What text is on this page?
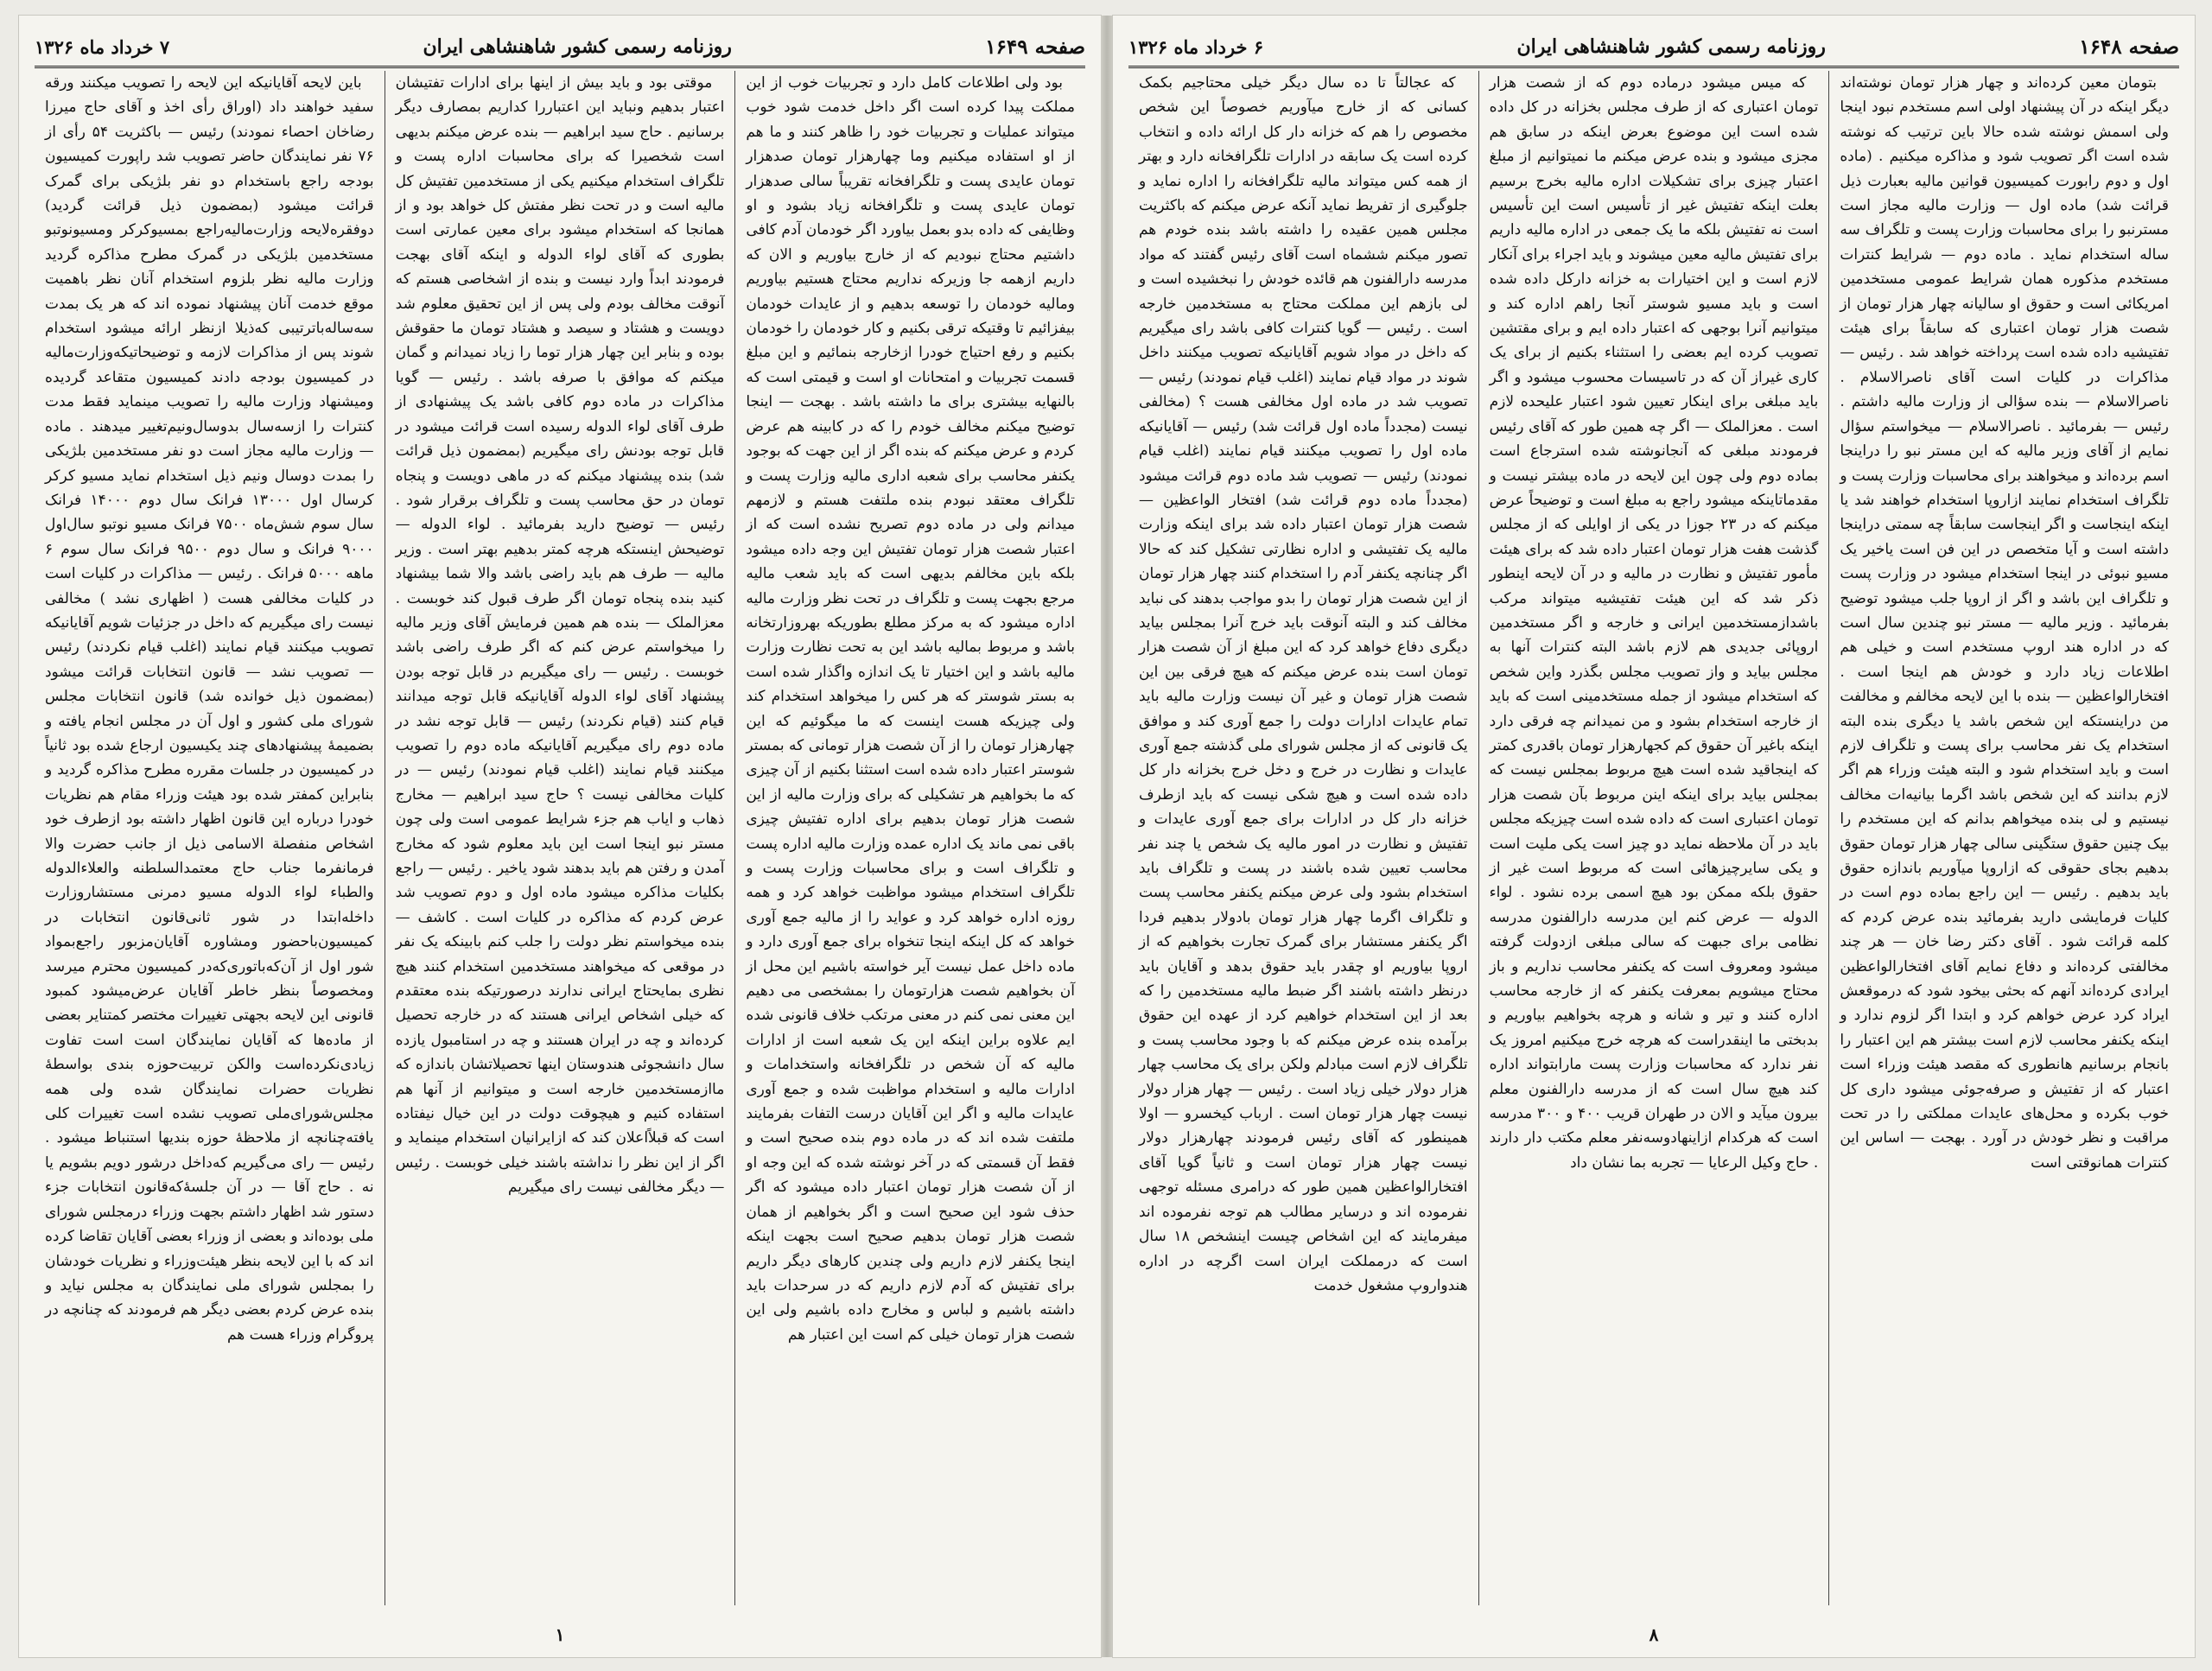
صفحه ۱۶۴۹
روزنامه رسمی کشور شاهنشاهی ایران
۷ خرداد ماه ۱۳۲۶

بود ولی اطلاعات کامل دارد و تجربیات خوب از این مملکت پیدا کرده است اگر داخل خدمت شود خوب میتواند عملیات و تجربیات خود را ظاهر کنند و ما هم از او استفاده میکنیم وما چهارهزار تومان صدهزار تومان عایدی پست و تلگرافخانه تقریباً سالی صدهزار تومان عایدی پست و تلگرافخانه زیاد بشود و او وظایفی که داده بدو بعمل بیاورد اگر خودمان آدم کافی داشتیم محتاج نبودیم که از خارج بیاوریم و الان که داریم ازهمه جا وزیرکه نداریم محتاج هستیم بیاوریم ومالیه خودمان را توسعه بدهیم و از عایدات خودمان بیفزائیم تا وقتیکه ترقی بکنیم و کار خودمان را خودمان بکنیم و رفع احتیاج خودرا ازخارجه بنمائیم و این مبلغ قسمت تجربیات و امتحانات او است و قیمتی است که بالنهایه بیشتری برای ما داشته باشد . بهجت — اینجا توضیح میکنم مخالف خودم را که در کابینه هم عرض کردم و عرض میکنم که بنده اگر از این جهت که بوجود یکنفر محاسب برای شعبه اداری مالیه وزارت پست و تلگراف معتقد نبودم بنده ملتفت هستم و لازمهم میدانم ولی در ماده دوم تصریح نشده است که از اعتبار شصت هزار تومان تفتیش این وجه داده میشود بلکه باین مخالفم بدیهی است که باید شعب مالیه مرجع بجهت پست و تلگراف در تحت نظر وزارت مالیه اداره میشود که به مرکز مطلع بطوریکه بهروزارتخانه باشد و مربوط بمالیه باشد این به تحت نظارت وزارت مالیه باشد و این اختیار تا یک اندازه واگذار شده است به بستر شوستر که هر کس را میخواهد استخدام کند ولی چیزیکه هست اینست که ما میگوئیم که این چهارهزار تومان را از آن شصت هزار تومانی که بمستر شوستر اعتبار داده شده است استثنا بکنیم از آن چیزی که ما بخواهیم هر تشکیلی که برای وزارت مالیه از این شصت هزار تومان بدهیم برای اداره تفتیش چیزی باقی نمی ماند یک اداره عمده وزارت مالیه اداره پست و تلگراف است و برای محاسبات وزارت پست و تلگراف استخدام میشود مواظبت خواهد کرد و همه روزه اداره خواهد کرد و عواید را از مالیه جمع آوری خواهد که کل اینکه اینجا تنخواه برای جمع آوری دارد و ماده داخل عمل نیست آیر خواسته باشیم این محل از آن بخواهیم شصت هزارتومان را بمشخصی می دهیم این معنی نمی کنم در معنی مرتکب خلاف قانونی شده ایم علاوه براین اینکه این یک شعبه است از ادارات مالیه که آن شخص در تلگرافخانه واستخدامات و ادارات مالیه و استخدام مواظبت شده و جمع آوری عایدات مالیه و اگر این آقایان درست التفات بفرمایند ملتفت شده اند که در ماده دوم بنده صحیح است و فقط آن قسمتی که در آخر نوشته شده که این وجه او از آن شصت هزار تومان اعتبار داده میشود که اگر حذف شود این صحیح است و اگر بخواهیم از همان شصت هزار تومان بدهیم صحیح است بجهت اینکه اینجا یکنفر لازم داریم ولی چندین کارهای دیگر داریم برای تفتیش که آدم لازم داریم که در سرحدات باید داشته باشیم و لباس و مخارج داده باشیم ولی این شصت هزار تومان خیلی کم است این اعتبار هم

موقتی بود و باید بیش از اینها برای ادارات تفتیشان اعتبار بدهیم ونباید این اعتباررا کداریم بمصارف دیگر برسانیم . حاج سید ابراهیم — بنده عرض میکنم بدیهی است شخصیرا که برای محاسبات اداره پست و تلگراف استخدام میکنیم یکی از مستخدمین تفتیش کل مالیه است و در تحت نظر مفتش کل خواهد بود و از همانجا که استخدام میشود برای معین عمارتی است بطوری که آقای لواء الدوله و اینکه آقای بهجت فرمودند ابداً وارد نیست و بنده از اشخاصی هستم که آنوقت مخالف بودم ولی پس از این تحقیق معلوم شد دویست و هشتاد و سیصد و هشتاد تومان ما حقوقش بوده و بنابر این چهار هزار توما را زیاد نمیدانم و گمان میکنم که موافق با صرفه باشد . رئیس — گویا مذاکرات در ماده دوم کافی باشد یک پیشنهادی از طرف آقای لواء الدوله رسیده است قرائت میشود در قابل توجه بودنش رای میگیریم (بمضمون ذیل قرائت شد) بنده پیشنهاد میکنم که در ماهی دویست و پنجاه تومان در حق محاسب پست و تلگراف برقرار شود . رئیس — توضیح دارید بفرمائید . لواء الدوله — توضیحش اینستکه هرچه کمتر بدهیم بهتر است . وزیر مالیه — طرف هم باید راضی باشد والا شما بیشنهاد کنید بنده پنجاه تومان اگر طرف قبول کند خوبست . معزالملک — بنده هم همین فرمایش آقای وزیر مالیه را میخواستم عرض کنم که اگر طرف راضی باشد خوبست . رئیس — رای میگیریم در قابل توجه بودن پیشنهاد آقای لواء الدوله آقایانیکه قابل توجه میدانند قیام کنند (قیام نکردند) رئیس — قابل توجه نشد در ماده دوم رای میگیریم آقایانیکه ماده دوم را تصویب میکنند قیام نمایند (اغلب قیام نمودند) رئیس — در کلیات مخالفی نیست ؟ حاج سید ابراهیم — مخارج ذهاب و ایاب هم جزء شرایط عمومی است ولی چون مستر نبو اینجا است این باید معلوم شود که مخارج آمدن و رفتن هم باید بدهند شود یاخیر . رئیس — راجع بکلیات مذاکره میشود ماده اول و دوم تصویب شد عرض کردم که مذاکره در کلیات است . کاشف — بنده میخواستم نظر دولت را جلب کنم بابینکه یک نفر در موقعی که میخواهند مستخدمین استخدام کنند هیچ نظری بمایحتاج ایرانی ندارند درصورتیکه بنده معتقدم که خیلی اشخاص ایرانی هستند که در خارجه تحصیل کرده‌اند و چه در ایران هستند و چه در استامبول یازده سال دانشجوئی هندوستان اینها تحصیلاتشان باندازه که ماازمستخدمین خارجه است و میتوانیم از آنها هم استفاده کنیم و هیچوقت دولت در این خیال نیفتاده است که قبلاًاعلان کند که ازایرانیان استخدام مینماید و اگر از این نظر را نداشته باشند خیلی خوبست . رئیس — دیگر مخالفی نیست رای میگیریم

باین لایحه آقایانیکه این لایحه را تصویب میکنند ورقه سفید خواهند داد (اوراق رأی اخذ و آقای حاج میرزا رضاخان احصاء نمودند) رئیس — باکثریت ۵۴ رأی از ۷۶ نفر نمایندگان حاضر تصویب شد راپورت کمیسیون بودجه راجع باستخدام دو نفر بلژیکی برای گمرک قرائت میشود (بمضمون ذیل قرائت گردید) دوفقره‌لایحه وزارت‌مالیه‌راجع بمسیوکرکر ومسیونوتبو مستخدمین بلژیکی در گمرک مطرح مذاکره گردید وزارت مالیه نظر بلزوم استخدام آنان نظر باهمیت موقع خدمت آنان پیشنهاد نموده اند که هر یک بمدت سه‌ساله‌باترتیبی که‌ذیلا ازنظر ارائه میشود استخدام شوند پس از مذاکرات لازمه و توضیحاتیکه‌وزارت‌مالیه در کمیسیون بودجه دادند کمیسیون متقاعد گردیده ومیشنهاد وزارت مالیه را تصویب مینماید فقط مدت کنترات را ازسه‌سال بدوسال‌ونیم‌تغییر میدهند . ماده — وزارت مالیه مجاز است دو نفر مستخدمین بلژیکی را بمدت دوسال ونیم ذیل استخدام نماید مسیو کرکر کرسال اول ۱۳۰۰۰ فرانک سال دوم ۱۴۰۰۰ فرانک سال سوم شش‌ماه ۷۵۰۰ فرانک مسیو نوتبو سال‌اول ۹۰۰۰ فرانک و سال دوم ۹۵۰۰ فرانک سال سوم ۶ ماهه ۵۰۰۰ فرانک . رئیس — مذاکرات در کلیات است در کلیات مخالفی هست ( اظهاری نشد ) مخالفی نیست رای میگیریم که داخل در جزئیات شویم آقایانیکه تصویب میکنند قیام نمایند (اغلب قیام نکردند) رئیس — تصویب نشد — قانون انتخابات قرائت میشود (بمضمون ذیل خوانده شد) قانون انتخابات مجلس شورای ملی کشور و اول آن در مجلس انجام یافته و بضمیمهٔ پیشنهادهای چند یکیسیون ارجاع شده بود ثانیاً در کمیسیون در جلسات مقرره مطرح مذاکره گردید و بنابراین کمفتر شده بود هیئت وزراء مقام هم نظریات خودرا درباره این قانون اظهار داشته بود ازطرف خود اشخاص منفصلة الاسامی ذیل از جانب حضرت والا فرمانفرما جناب حاج معتمدالسلطنه والعلاءالدوله والطباء لواء الدوله مسیو دمرنی مستشاروزارت داخله‌ابتدا در شور ثانی‌قانون انتخابات در کمیسیون‌باحضور ومشاوره آقایان‌مزبور راجع‌بمواد شور اول از آن‌که‌باتوری‌که‌در کمیسیون محترم میرسد ومخصوصاً بنظر خاطر آقایان عرض‌میشود کمبود قانونی این لایحه بجهتی تغییرات مختصر کمتنایر بعضی از ماده‌ها که آقایان نمایندگان است است تفاوت زیادی‌نکرده‌است والکن تربیت‌حوزه بندی بواسطهٔ نظریات حضرات نمایندگان شده ولی همه مجلس‌شورای‌ملی تصویب نشده است تغییرات کلی یافته‌چنانچه از ملاحظهٔ حوزه بندیها استنباط میشود . رئیس — رای می‌گیریم که‌داخل درشور دویم بشویم یا نه . حاج آقا — در آن جلسهٔ‌که‌قانون انتخابات جزء دستور شد اظهار داشتم بجهت وزراء درمجلس شورای ملی بوده‌اند و بعضی از وزراء بعضی آقایان تقاضا کرده اند که با این لایحه بنظر هیئت‌وزراء و نظریات خودشان را بمجلس شورای ملی نمایندگان به مجلس نیاید و بنده عرض کردم بعضی دیگر هم فرمودند که چنانچه در پروگرام وزراء هست هم

۱
صفحه ۱۶۴۸
روزنامه رسمی کشور شاهنشاهی ایران
۶ خرداد ماه ۱۳۲۶

بتومان معین کرده‌اند و چهار هزار تومان نوشته‌اند دیگر اینکه در آن پیشنهاد اولی اسم مستخدم نبود اینجا ولی اسمش نوشته شده حالا باین ترتیب که نوشته شده است اگر تصویب شود و مذاکره میکنیم . (ماده اول و دوم رابورت کمیسیون قوانین مالیه بعبارت ذیل قرائت شد) ماده اول — وزارت مالیه مجاز است مسترنبو را برای محاسبات وزارت پست و تلگراف سه ساله استخدام نماید . ماده دوم — شرایط کنترات مستخدم مذکوره همان شرایط عمومی مستخدمین امریکائی است و حقوق او سالیانه چهار هزار تومان از شصت هزار تومان اعتباری که سابقاً برای هیئت تفتیشیه داده شده است پرداخته خواهد شد . رئیس — مذاکرات در کلیات است آقای ناصرالاسلام . ناصرالاسلام — بنده سؤالی از وزارت مالیه داشتم . رئیس — بفرمائید . ناصرالاسلام — میخواستم سؤال نمایم از آقای وزیر مالیه که این مستر نبو را دراینجا اسم برده‌اند و میخواهند برای محاسبات وزارت پست و تلگراف استخدام نمایند ازاروپا استخدام خواهند شد یا اینکه اینجاست و اگر اینجاست سابقاً چه سمتی دراینجا داشته است و آیا متخصص در این فن است یاخیر یک مسیو نبوئی در اینجا استخدام میشود در وزارت پست و تلگراف این باشد و اگر از اروپا جلب میشود توضیح بفرمائید . وزیر مالیه — مستر نبو چندین سال است که در اداره هند اروپ مستخدم است و خیلی هم اطلاعات زیاد دارد و خودش هم اینجا است . افتخارالواعظین — بنده با این لایحه مخالفم و مخالفت من دراینستکه این شخص باشد یا دیگری بنده البته استخدام یک نفر محاسب برای پست و تلگراف لازم است و باید استخدام شود و البته هیئت وزراء هم اگر لازم بدانند که این شخص باشد اگرما بیانیه‌ات مخالف نیستیم و لی بنده میخواهم بدانم که این مستخدم را بیک چنین حقوق ستگینی سالی چهار هزار تومان حقوق بدهیم بجای حقوقی که ازاروپا میآوریم باندازه حقوق باید بدهیم . رئیس — این راجع بماده دوم است در کلیات فرمایشی دارید بفرمائید بنده عرض کردم که کلمه قرائت شود . آقای دکتر رضا خان — هر چند مخالفتی کرده‌اند و دفاع نمایم آقای افتخارالواعظین ایرادی کرده‌اند آنهم که بحثی بیخود شود که درموقعش ایراد کرد عرض خواهم کرد و ابتدا اگر لزوم ندارد و اینکه یکنفر محاسب لازم است بیشتر هم این اعتبار را بانجام برسانیم هانطوری که مقصد هیئت وزراء است اعتبار که از تفتیش و صرفه‌جوئی میشود داری کل خوب بکرده و محل‌های عایدات مملکتی را در تحت مراقبت و نظر خودش در آورد . بهجت — اساس این کنترات همانوقتی است

که میس میشود درماده دوم که از شصت هزار تومان اعتباری که از طرف مجلس بخزانه در کل داده شده است این موضوع بعرض اینکه در سابق هم مجزی میشود و بنده عرض میکنم ما نمیتوانیم از مبلغ اعتبار چیزی برای تشکیلات اداره مالیه بخرج برسیم بعلت اینکه تفتیش غیر از تأسیس است این تأسیس است نه تفتیش بلکه ما یک جمعی در اداره مالیه داریم برای تفتیش مالیه معین میشوند و باید اجراء برای آنکار لازم است و این اختیارات به خزانه دارکل داده شده است و باید مسیو شوستر آنجا راهم اداره کند و میتوانیم آنرا بوجهی که اعتبار داده ایم و برای مقتشین تصویب کرده ایم بعضی را استثناء بکنیم از برای یک کاری غیراز آن که در تاسیسات محسوب میشود و اگر باید مبلغی برای اینکار تعیین شود اعتبار علیحده لازم است . معزالملک — اگر چه همین طور که آقای رئیس فرمودند مبلغی که آنجانوشته شده استرجاع است بماده دوم ولی چون این لایحه در ماده بیشتر نیست و مقدماتاینکه میشود راجع به مبلغ است و توضیحاً عرض میکنم که در ۲۳ جوزا در یکی از اوایلی که از مجلس گذشت هفت هزار تومان اعتبار داده شد که برای هیئت مأمور تفتیش و نظارت در مالیه و در آن لایحه اینطور ذکر شد که این هیئت تفتیشیه میتواند مرکب باشدازمستخدمین ایرانی و خارجه و اگر مستخدمین اروپائی جدیدی هم لازم باشد البته کنترات آنها به مجلس بیاید و واز تصویب مجلس بگذرد واین شخص که استخدام میشود از جمله مستخدمینی است که باید از خارجه استخدام بشود و من نمیدانم چه فرقی دارد اینکه باغیر آن حقوق کم کجهارهزار تومان باقدری کمتر که اینجاقید شده است هیچ مربوط بمجلس نیست که بمجلس بیاید برای اینکه اینن مربوط بآن شصت هزار تومان اعتباری است که داده شده است چیزیکه مجلس باید در آن ملاحظه نماید دو چیز است یکی ملیت است و یکی سایرچیزهائی است که مربوط است غیر از حقوق بلکه ممکن بود هیچ اسمی برده نشود . لواء الدوله — عرض کنم این مدرسه دارالفنون مدرسه نظامی برای جبهت که سالی مبلغی ازدولت گرفته میشود ومعروف است که یکنفر محاسب نداریم و باز محتاج میشویم بمعرفت یکنفر که از خارجه محاسب اداره کنند و تیر و شانه و هرچه بخواهیم بیاوریم و بدبختی ما اینقدراست که هرچه خرج میکنیم امروز یک نفر ندارد که محاسبات وزارت پست مارابتواند اداره کند هیچ سال است که از مدرسه دارالفنون معلم بیرون میآید و الان در طهران قریب ۴۰۰ و ۳۰۰ مدرسه است که هرکدام ازاینهادوسه‌نفر معلم مکتب دار دارند . حاج وکیل الرعایا — تجربه بما نشان داد

که عجالتاً تا ده سال دیگر خیلی محتاجیم بکمک کسانی که از خارج میآوریم خصوصاً این شخص مخصوص را هم که خزانه دار کل ارائه داده و انتخاب کرده است یک سابقه در ادارات تلگرافخانه دارد و بهتر از همه کس میتواند مالیه تلگرافخانه را اداره نماید و جلوگیری از تفریط نماید آنکه عرض میکنم که باکثریت مجلس همین عقیده را داشته باشد بنده خودم هم تصور میکنم ششماه است آقای رئیس گفتند که مواد مدرسه دارالفنون هم قائده خودش را نبخشیده است و لی بازهم این مملکت محتاج به مستخدمین خارجه است . رئیس — گویا کنترات کافی باشد رای میگیریم که داخل در مواد شویم آقایانیکه تصویب میکنند داخل شوند در مواد قیام نمایند (اغلب قیام نمودند) رئیس — تصویب شد در ماده اول مخالفی هست ؟ (مخالفی نیست (مجدداً ماده اول قرائت شد) رئیس — آقایانیکه ماده اول را تصویب میکنند قیام نمایند (اغلب قیام نمودند) رئیس — تصویب شد ماده دوم قرائت میشود (مجدداً ماده دوم قرائت شد) افتخار الواعظین — شصت هزار تومان اعتبار داده شد برای اینکه وزارت مالیه یک تفتیشی و اداره نظارتی تشکیل کند که حالا اگر چنانچه یکنفر آدم را استخدام کنند چهار هزار تومان از این شصت هزار تومان را بدو مواجب بدهند کی نباید مخالف کند و البته آنوقت باید خرج آنرا بمجلس بیاید دیگری دفاع خواهد کرد که این مبلغ از آن شصت هزار تومان است بنده عرض میکنم که هیچ فرقی بین این شصت هزار تومان و غیر آن نیست وزارت مالیه باید تمام عایدات ادارات دولت را جمع آوری کند و موافق یک قانونی که از مجلس شورای ملی گذشته جمع آوری عایدات و نظارت در خرج و دخل خرج بخزانه دار کل داده شده است و هیچ شکی نیست که باید ازطرف خزانه دار کل در ادارات برای جمع آوری عایدات و تفتیش و نظارت در امور مالیه یک شخص یا چند نفر محاسب تعیین شده باشند در پست و تلگراف باید استخدام بشود ولی عرض میکنم یکنفر محاسب پست و تلگراف اگرما چهار هزار تومان بادولار بدهیم فردا اگر یکنفر مستشار برای گمرک تجارت بخواهیم که از اروپا بیاوریم او چقدر باید حقوق بدهد و آقایان باید درنظر داشته باشند اگر ضبط مالیه مستخدمین را که بعد از این استخدام خواهیم کرد از عهده این حقوق برآمده بنده عرض میکنم که با وجود محاسب پست و تلگراف لازم است مبادلم ولکن برای یک محاسب چهار هزار دولار خیلی زیاد است . رئیس — چهار هزار دولار نیست چهار هزار تومان است . ارباب کیخسرو — اولا همینطور که آقای رئیس فرمودند چهارهزار دولار نیست چهار هزار تومان است و ثانیاً گویا آقای افتخارالواعظین همین طور که درامری مسئله توجهی نفرموده اند و درسایر مطالب هم توجه نفرموده اند میفرمایند که این اشخاص چیست اینشخص ۱۸ سال است که درمملکت ایران است اگرچه در اداره هندواروپ مشغول خدمت

۸
